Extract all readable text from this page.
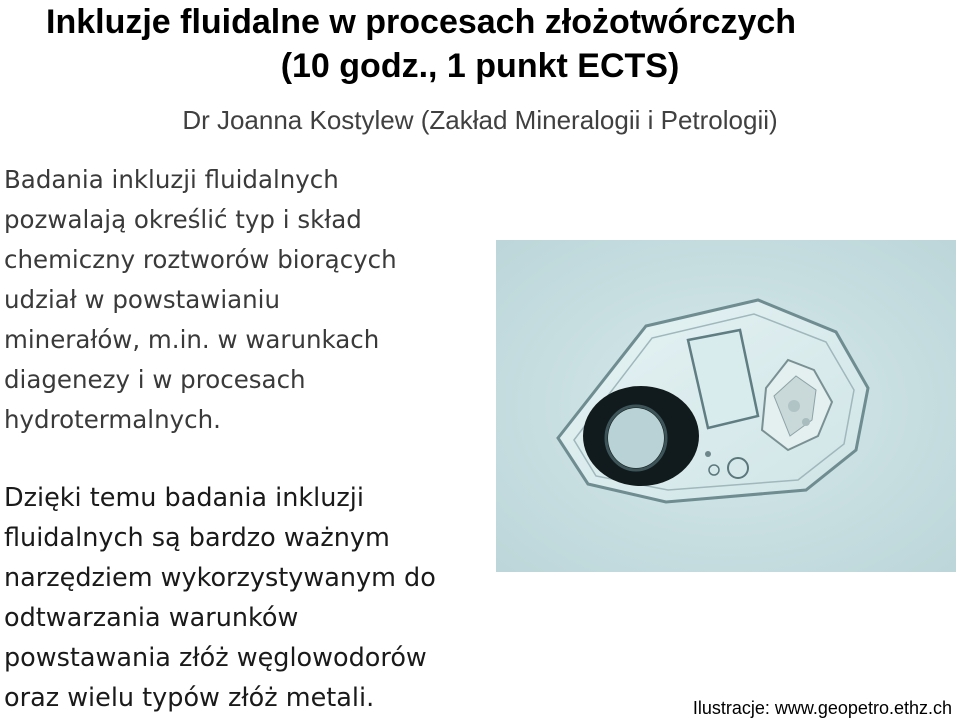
Inkluzje fluidalne w procesach złożotwórczych
(10 godz., 1 punkt ECTS)
Dr Joanna Kostylew (Zakład Mineralogii i Petrologii)
Badania inkluzji fluidalnych
pozwalają określić typ i skład
chemiczny roztworów biorących
udział w powstawianiu
minerałów, m.in. w warunkach
diagenezy i w procesach
hydrotermalnych.
Dzięki temu badania inkluzji
fluidalnych są bardzo ważnym
narzędziem wykorzystywanym do
odtwarzania warunków
powstawania złóż węglowodorów
oraz wielu typów złóż metali.	Ilustracje: www.geopetro.ethz.ch
